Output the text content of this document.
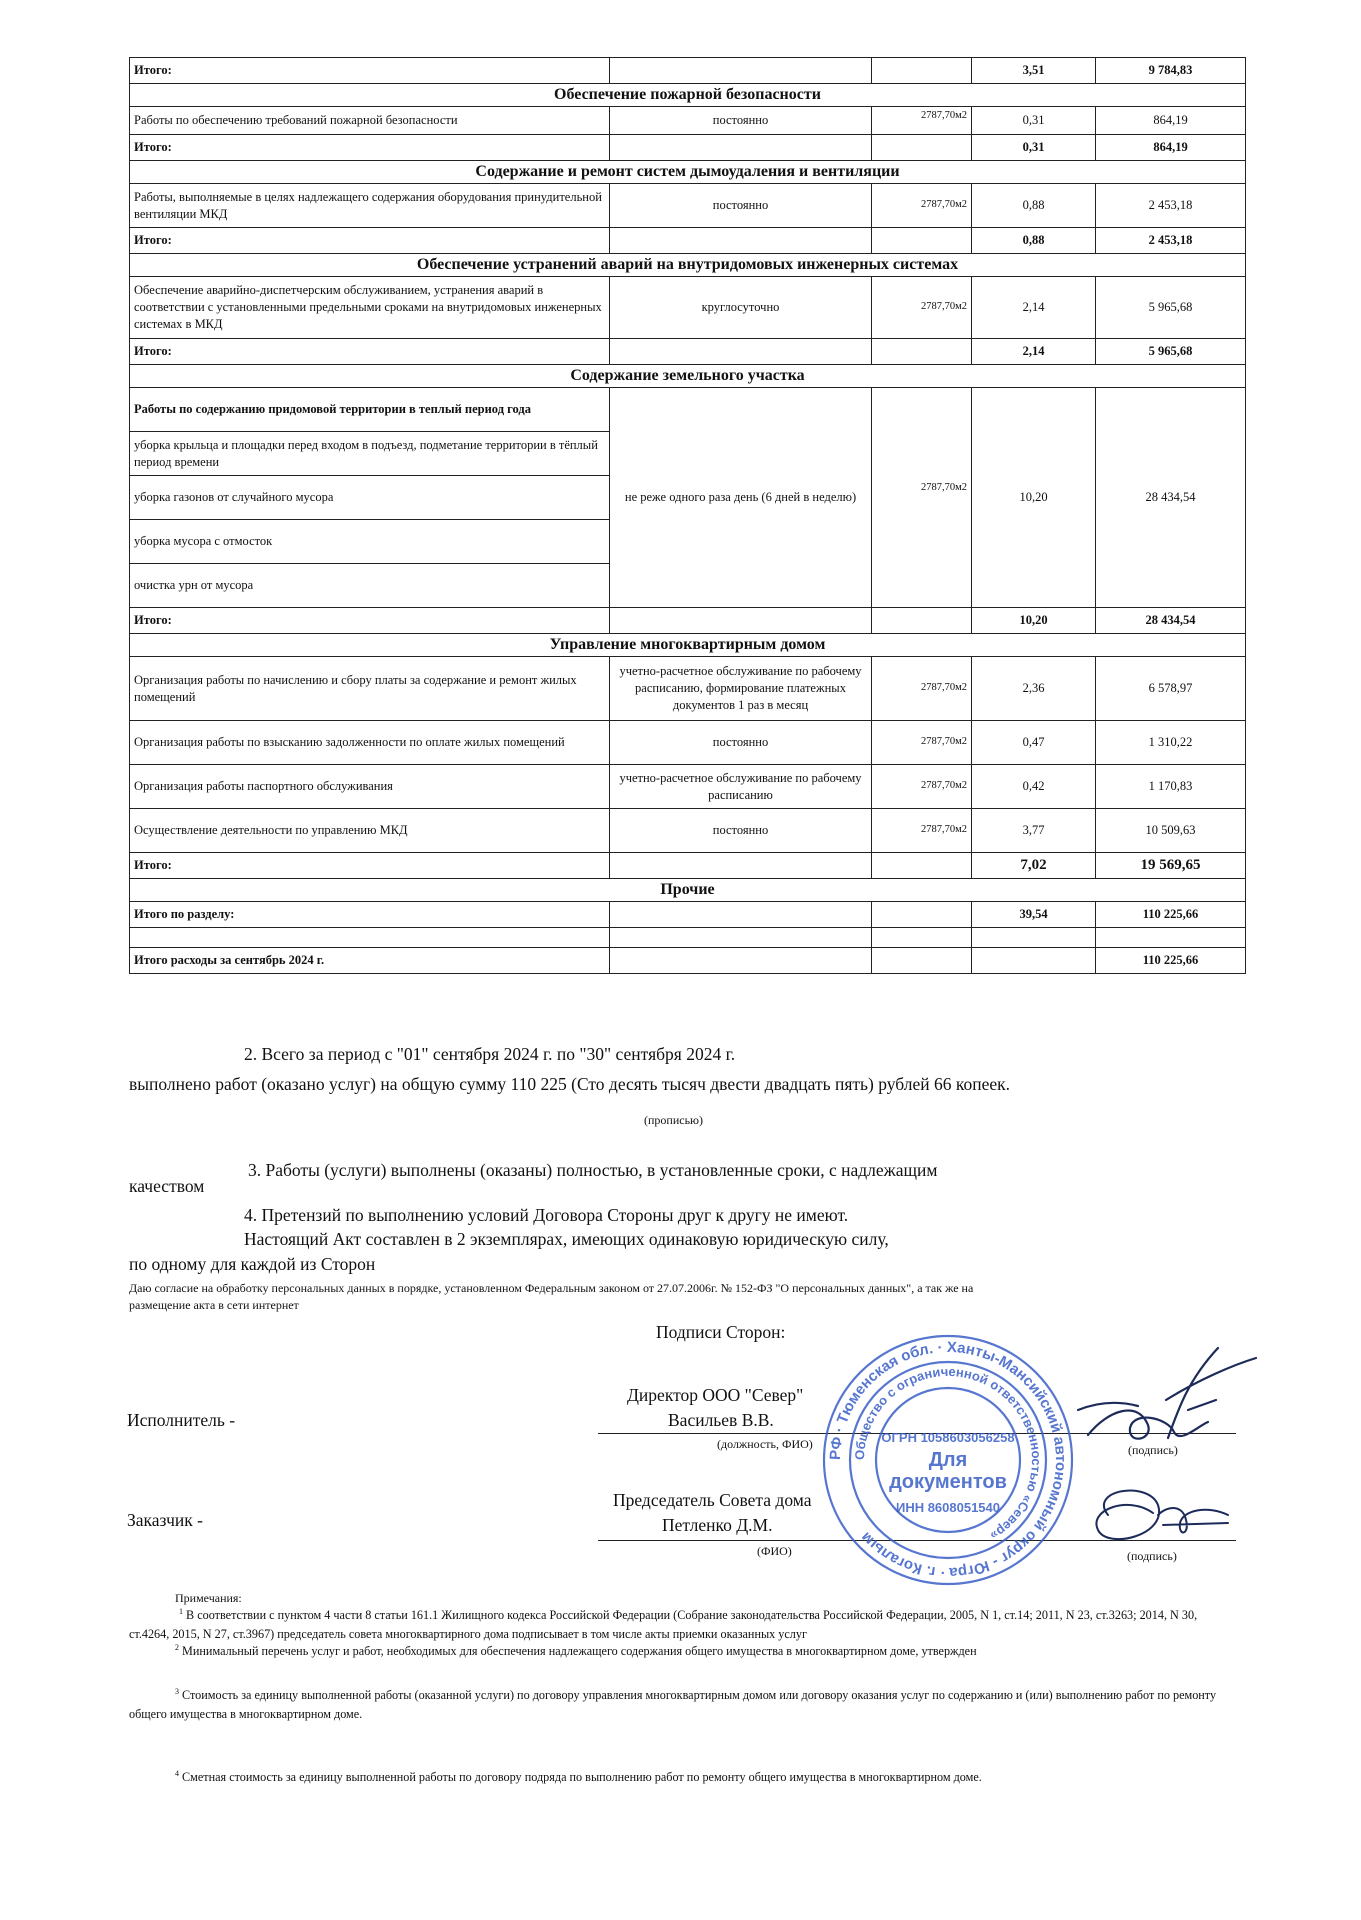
Итого:			3,51	9 784,83
Обеспечение пожарной безопасности				
Работы по обеспечению требований пожарной безопасности	постоянно	2787,70м2	0,31	864,19
Итого:			0,31	864,19
Содержание и ремонт систем дымоудаления и вентиляции				
Работы, выполняемые в целях надлежащего содержания оборудования принудительной вентиляции МКД	постоянно	2787,70м2	0,88	2 453,18
Итого:			0,88	2 453,18
Обеспечение устранений аварий на внутридомовых инженерных системах				
Обеспечение аварийно-диспетчерским обслуживанием, устранения аварий в соответствии с установленными предельными сроками на внутридомовых инженерных системах в МКД	круглосуточно	2787,70м2	2,14	5 965,68
Итого:			2,14	5 965,68
Содержание земельного участка				
Работы по содержанию придомовой территории в теплый период года	не реже одного раза день (6 дней в неделю)	2787,70м2	10,20	28 434,54
уборка крыльца и площадки перед входом в подъезд, подметание территории в тёплый период времени				
уборка газонов от случайного мусора				
уборка мусора с отмосток				
очистка урн от мусора				
Итого:			10,20	28 434,54
Управление многоквартирным домом				
Организация работы по начислению и сбору платы за содержание и ремонт жилых помещений	учетно-расчетное обслуживание по рабочему расписанию, формирование платежных документов 1 раз в месяц	2787,70м2	2,36	6 578,97
Организация работы по взысканию задолженности по оплате жилых помещений	постоянно	2787,70м2	0,47	1 310,22
Организация работы паспортного обслуживания	учетно-расчетное обслуживание по рабочему расписанию	2787,70м2	0,42	1 170,83
Осуществление деятельности по управлению МКД	постоянно	2787,70м2	3,77	10 509,63
Итого:			7,02	19 569,65
Прочие				
Итого по разделу:			39,54	110 225,66

Итого расходы за сентябрь 2024 г.				110 225,66
2. Всего за период с "01" сентября 2024 г. по "30" сентября 2024 г.
выполнено работ (оказано услуг) на общую сумму 110 225 (Сто десять тысяч двести двадцать пять) рублей 66 копеек.
(прописью)
3. Работы (услуги) выполнены (оказаны) полностью, в установленные сроки, с надлежащим
качеством
4. Претензий по выполнению условий Договора Стороны друг к другу не имеют.
Настоящий Акт составлен в 2 экземплярах, имеющих одинаковую юридическую силу,
по одному для каждой из Сторон
Даю согласие на обработку персональных данных в порядке, установленном Федеральным законом от 27.07.2006г. № 152-ФЗ "О персональных данных", а так же на
размещение акта в сети интернет
Подписи Сторон:
Исполнитель -
Директор ООО "Север"
Васильев В.В.
(должность, ФИО)	(подпись)
Заказчик -
Председатель Совета дома
Петленко Д.М.
(ФИО)	(подпись)
РФ · Тюменская обл. · Ханты-Мансийский автономный округ - Югра · г. Когалым
Общество с ограниченной ответственностью «Север»
ОГРН 1058603056258
Для
документов
ИНН 8608051540
Примечания:
$^1$ В соответствии с пунктом 4 части 8 статьи 161.1 Жилищного кодекса Российской Федерации (Собрание законодательства Российской Федерации, 2005, N 1, ст.14; 2011, N 23, ст.3263; 2014, N 30, ст.4264, 2015, N 27, ст.3967) председатель совета многоквартирного дома подписывает в том числе акты приемки оказанных услуг
$^2$ Минимальный перечень услуг и работ, необходимых для обеспечения надлежащего содержания общего имущества в многоквартирном доме, утвержден
$^3$ Стоимость за единицу выполненной работы (оказанной услуги) по договору управления многоквартирным домом или договору оказания услуг по содержанию и (или) выполнению работ по ремонту общего имущества в многоквартирном доме.
$^4$ Сметная стоимость за единицу выполненной работы по договору подряда по выполнению работ по ремонту общего имущества в многоквартирном доме.
